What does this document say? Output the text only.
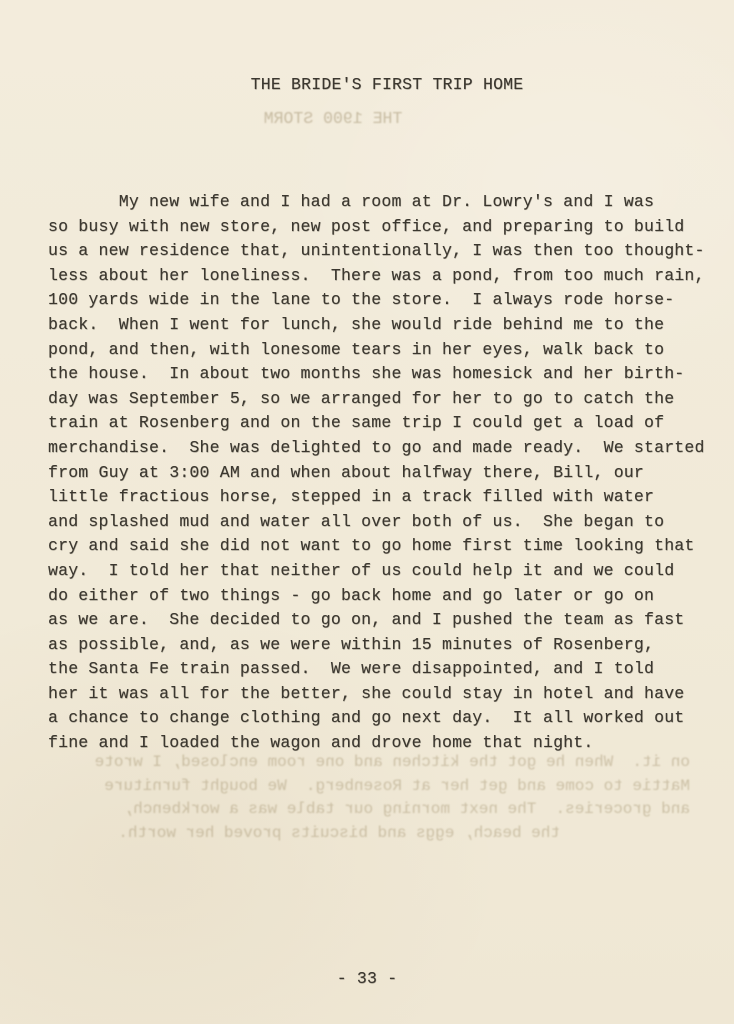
THE 1900 STORM
THE BRIDE'S FIRST TRIP HOME
My new wife and I had a room at Dr. Lowry's and I was
so busy with new store, new post office, and preparing to build
us a new residence that, unintentionally, I was then too thought-
less about her loneliness.  There was a pond, from too much rain,
100 yards wide in the lane to the store.  I always rode horse-
back.  When I went for lunch, she would ride behind me to the
pond, and then, with lonesome tears in her eyes, walk back to
the house.  In about two months she was homesick and her birth-
day was September 5, so we arranged for her to go to catch the
train at Rosenberg and on the same trip I could get a load of
merchandise.  She was delighted to go and made ready.  We started
from Guy at 3:00 AM and when about halfway there, Bill, our
little fractious horse, stepped in a track filled with water
and splashed mud and water all over both of us.  She began to
cry and said she did not want to go home first time looking that
way.  I told her that neither of us could help it and we could
do either of two things - go back home and go later or go on
as we are.  She decided to go on, and I pushed the team as fast
as possible, and, as we were within 15 minutes of Rosenberg,
the Santa Fe train passed.  We were disappointed, and I told
her it was all for the better, she could stay in hotel and have
a chance to change clothing and go next day.  It all worked out
fine and I loaded the wagon and drove home that night.
on it.  When he got the kitchen and one room enclosed, I wrote
Mattie to come and get her at Rosenberg.  We bought furniture
and groceries.  The next morning our table was a workbench,
the beach, eggs and biscuits proved her worth.
- 33 -
